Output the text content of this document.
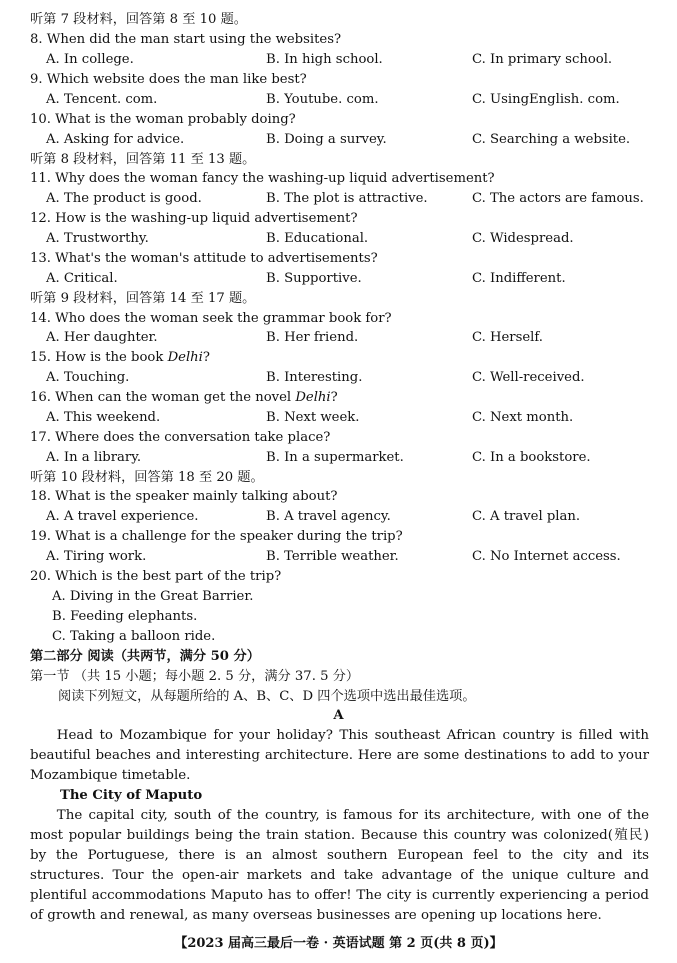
听第 7 段材料，回答第 8 至 10 题。
8. When did the man start using the websites?
A. In college.	B. In high school.	C. In primary school.
9. Which website does the man like best?
A. Tencent. com.	B. Youtube. com.	C. UsingEnglish. com.
10. What is the woman probably doing?
A. Asking for advice.	B. Doing a survey.	C. Searching a website.
听第 8 段材料，回答第 11 至 13 题。
11. Why does the woman fancy the washing-up liquid advertisement?
A. The product is good.	B. The plot is attractive.	C. The actors are famous.
12. How is the washing-up liquid advertisement?
A. Trustworthy.	B. Educational.	C. Widespread.
13. What's the woman's attitude to advertisements?
A. Critical.	B. Supportive.	C. Indifferent.
听第 9 段材料，回答第 14 至 17 题。
14. Who does the woman seek the grammar book for?
A. Her daughter.	B. Her friend.	C. Herself.
15. How is the book Delhi?
A. Touching.	B. Interesting.	C. Well-received.
16. When can the woman get the novel Delhi?
A. This weekend.	B. Next week.	C. Next month.
17. Where does the conversation take place?
A. In a library.	B. In a supermarket.	C. In a bookstore.
听第 10 段材料，回答第 18 至 20 题。
18. What is the speaker mainly talking about?
A. A travel experience.	B. A travel agency.	C. A travel plan.
19. What is a challenge for the speaker during the trip?
A. Tiring work.	B. Terrible weather.	C. No Internet access.
20. Which is the best part of the trip?
A. Diving in the Great Barrier.
B. Feeding elephants.
C. Taking a balloon ride.
第二部分 阅读（共两节，满分 50 分）
第一节 （共 15 小题；每小题 2. 5 分，满分 37. 5 分）
阅读下列短文，从每题所给的 A、B、C、D 四个选项中选出最佳选项。
A
Head to Mozambique for your holiday? This southeast African country is filled with beautiful beaches and interesting architecture. Here are some destinations to add to your Mozambique timetable.
The City of Maputo
The capital city, south of the country, is famous for its architecture, with one of the most popular buildings being the train station. Because this country was colonized(殖民) by the Portuguese, there is an almost southern European feel to the city and its structures. Tour the open-air markets and take advantage of the unique culture and plentiful accommodations Maputo has to offer! The city is currently experiencing a period of growth and renewal, as many overseas businesses are opening up locations here.
【2023 届高三最后一卷 · 英语试题 第 2 页(共 8 页)】
